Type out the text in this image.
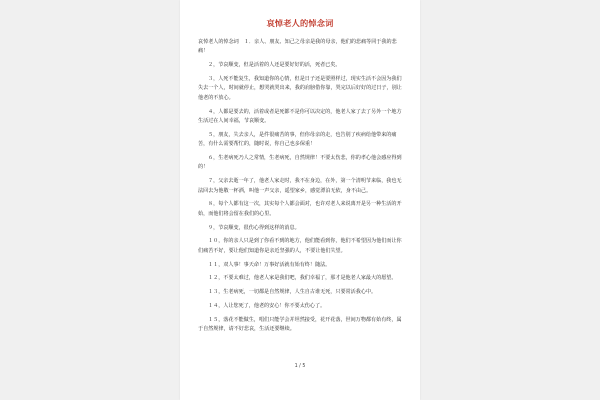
哀悼老人的悼念词

哀悼老人的悼念词　１．亲人、朋友、知己之母亲是我的母亲，他们的悲痛等同于我的悲痛！

２，节哀顺变，但是活着的人还是要好好的活，死者已矣。

３，人死不能复生，我知道你的心情，但是日子还是要照样过，现实生活不会因为我们失去一个人，时间就停止，想哭就哭出来，我的肩膀借你靠，哭完以后好好的过日子，别让他老的不放心。

４，人都是要去的，活着或者是死都不是你可以决定的，他老人家了去了另外一个地方生活过在人间幸福，节哀顺变。

５，朋友，失去亲人，是件很痛苦的事，但你母亲的走，也告别了疾病给他带来的痛苦，有什么需要帮忙的，随时说，你自己也多保重！

６，生老病死乃人之常情，生老病死，自然规律！不要太伤悲，你的孝心他会感应得到的！

７，父亲去逝一年了，他老人家走时，我不在身边，在外，第一个清明节来临，我也无法回去为他敬一杯酒，叫他一声父亲，遥望家乡，感觉漂泊无依，身不由己。

８，每个人都有这一次，其实每个人都会面对，也许对老人来说离开是另一种生活的开始，而他们将会留在我们的心里。

９，节哀顺变，很伤心得到这样的消息。

１０，你的亲人只是到了你看不到的地方，他们能看到你，他们不希望因为他们而让你们痛苦不好，要让他们知道你是亲近坚强的人，不要让他们失望。

１１，双人事！事天命！万事好活就有始有终！随法。

１２，不要太难过，他老人家是我们吧，我们幸福了，那才是他老人家最大的愿望。

１３，生老病死，一切都是自然规律，人生自古谁无死，只要常活我心中。

１４，人让您死了，他老的安心！你不要太伤心了。

１５，落花不能做生，唱们只能学会并坦然接受，花开花落，世间万物都有始有终，属于自然规律，请不好悲哀，生活还要继续。

1 / 5
